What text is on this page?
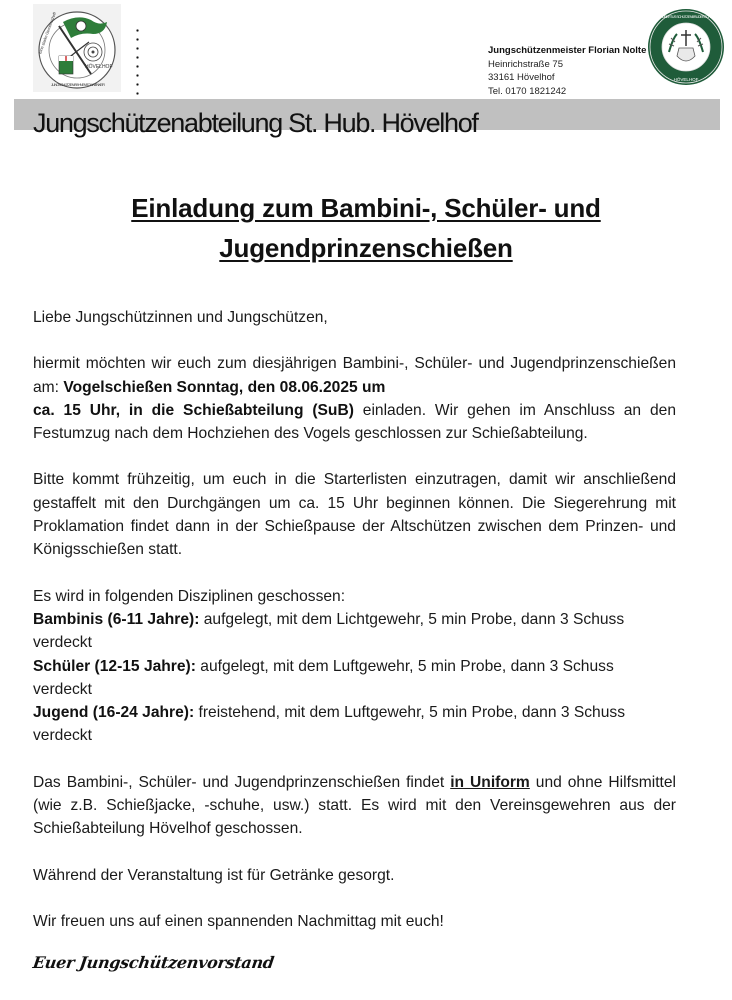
HÖVELHOF
JUNGSCHÜTZEN / FAHNENSCHWENKER
Eine starke Gemeinschaft
Jungschützenmeister Florian Nolte
Heinrichstraße 75
33161 Hövelhof
Tel. 0170 1821242
HÖVELHOF
ST. HUBERTUS SCHÜTZENBRUDERSCHAFT
Jungschützenabteilung St. Hub. Hövelhof
Einladung zum Bambini-, Schüler- und
Jugendprinzenschießen

Liebe Jungschützinnen und Jungschützen,

hiermit möchten wir euch zum diesjährigen Bambini-, Schüler- und Jugendprinzenschießen am: Vogelschießen Sonntag, den 08.06.2025 um
ca. 15 Uhr, in die Schießabteilung (SuB) einladen. Wir gehen im Anschluss an den Festumzug nach dem Hochziehen des Vogels geschlossen zur Schießabteilung.

Bitte kommt frühzeitig, um euch in die Starterlisten einzutragen, damit wir anschließend gestaffelt mit den Durchgängen um ca. 15 Uhr beginnen können. Die Siegerehrung mit Proklamation findet dann in der Schießpause der Altschützen zwischen dem Prinzen- und Königsschießen statt.

Es wird in folgenden Disziplinen geschossen:

Bambinis (6-11 Jahre): aufgelegt, mit dem Lichtgewehr, 5 min Probe, dann 3 Schuss verdeckt

Schüler (12-15 Jahre): aufgelegt, mit dem Luftgewehr, 5 min Probe, dann 3 Schuss verdeckt

Jugend (16-24 Jahre): freistehend, mit dem Luftgewehr, 5 min Probe, dann 3 Schuss verdeckt

Das Bambini-, Schüler- und Jugendprinzenschießen findet in Uniform und ohne Hilfsmittel (wie z.B. Schießjacke, -schuhe, usw.) statt. Es wird mit den Vereinsgewehren aus der Schießabteilung Hövelhof geschossen.

Während der Veranstaltung ist für Getränke gesorgt.

Wir freuen uns auf einen spannenden Nachmittag mit euch!

Euer Jungschützenvorstand
